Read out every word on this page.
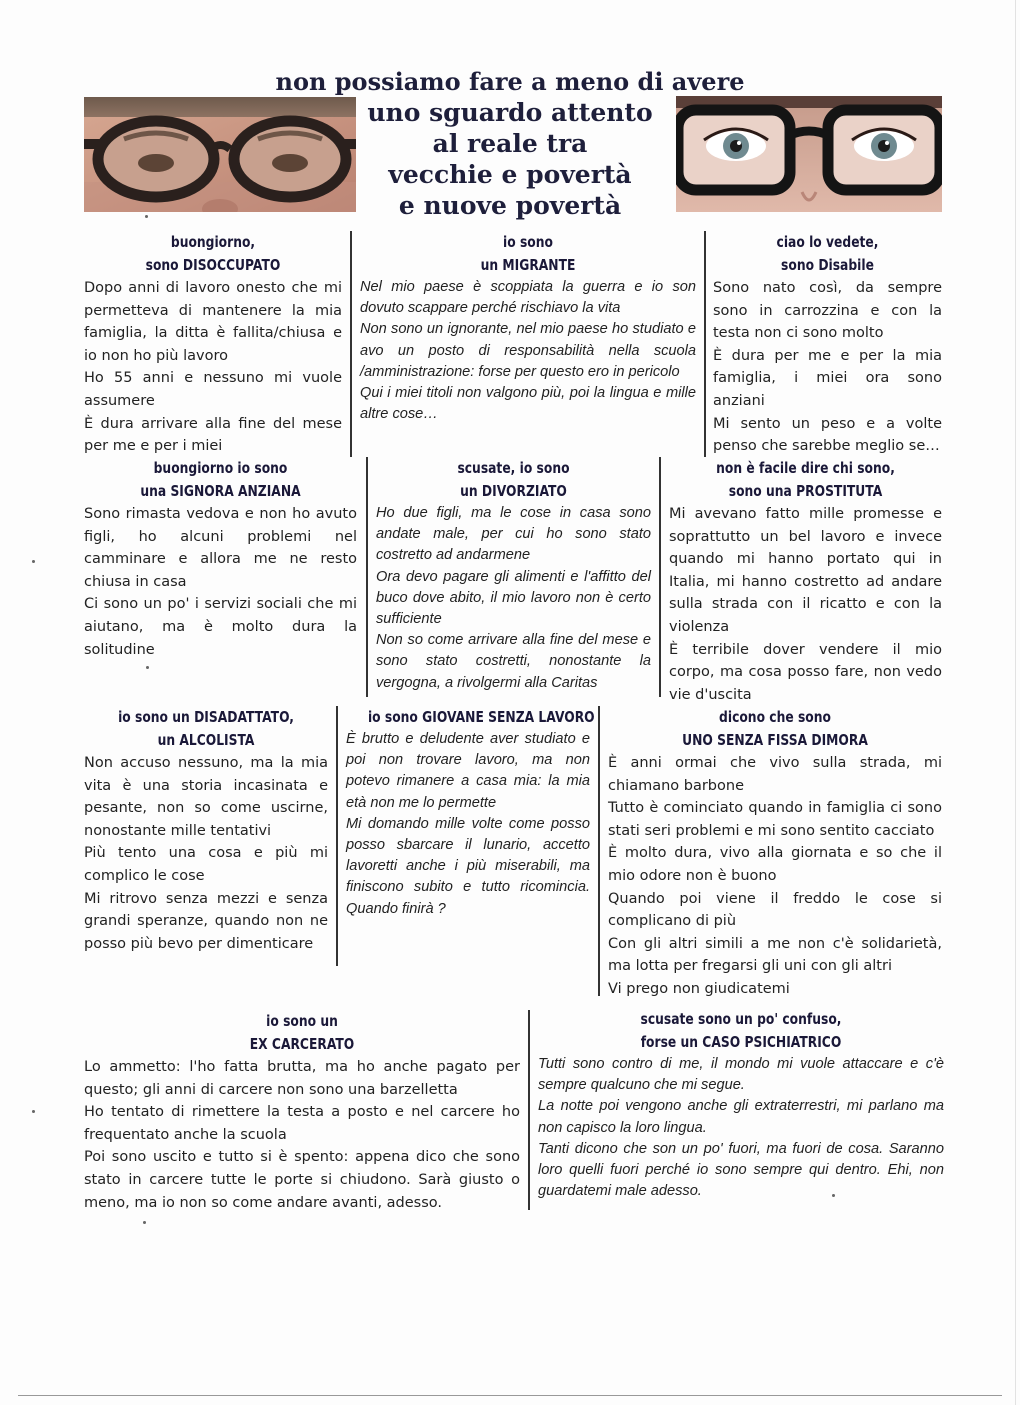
non possiamo fare a meno di avere
uno sguardo attento
al reale tra
vecchie e povertà
e nuove povertà
buongiorno,
sono DISOCCUPATO
Dopo anni di lavoro onesto che mi permetteva di mantenere la mia famiglia, la ditta è fallita/chiusa e io non ho più lavoro
Ho 55 anni e nessuno mi vuole assumere
È dura arrivare alla fine del mese per me e per i miei
io sono
un MIGRANTE
Nel mio paese è scoppiata la guerra e io son dovuto scappare perché rischiavo la vita
Non sono un ignorante, nel mio paese ho studiato e avo un posto di responsabilità nella scuola /amministrazione: forse per questo ero in pericolo
Qui i miei titoli non valgono più, poi la lingua e mille altre cose…
ciao lo vedete,
sono Disabile
Sono nato così, da sempre sono in carrozzina e con la testa non ci sono molto
È dura per me e per la mia famiglia, i miei ora sono anziani
Mi sento un peso e a volte penso che sarebbe meglio se…
buongiorno io sono
una SIGNORA ANZIANA
Sono rimasta vedova e non ho avuto figli, ho alcuni problemi nel camminare e allora me ne resto chiusa in casa
Ci sono un po' i servizi sociali che mi aiutano, ma è molto dura la solitudine
scusate, io sono
un DIVORZIATO
Ho due figli, ma le cose in casa sono andate male, per cui ho sono stato costretto ad andarmene
Ora devo pagare gli alimenti e l'affitto del buco dove abito, il mio lavoro non è certo sufficiente
Non so come arrivare alla fine del mese e sono stato costretti, nonostante la vergogna, a rivolgermi alla Caritas
non è facile dire chi sono,
sono una PROSTITUTA
Mi avevano fatto mille promesse e soprattutto un bel lavoro e invece quando mi hanno portato qui in Italia, mi hanno costretto ad andare sulla strada con il ricatto e con la violenza
È terribile dover vendere il mio corpo, ma cosa posso fare, non vedo vie d'uscita
io sono un DISADATTATO,
un ALCOLISTA
Non accuso nessuno, ma la mia vita è una storia incasinata e pesante, non so come uscirne, nonostante mille tentativi
Più tento una cosa e più mi complico le cose
Mi ritrovo senza mezzi e senza grandi speranze, quando non ne posso più bevo per dimenticare
io sono GIOVANE SENZA LAVORO
È brutto e deludente aver studiato e poi non trovare lavoro, ma non potevo rimanere a casa mia: la mia età non me lo permette
Mi domando mille volte come posso posso sbarcare il lunario, accetto lavoretti anche i più miserabili, ma finiscono subito e tutto ricomincia. Quando finirà ?
dicono che sono
UNO SENZA FISSA DIMORA
È anni ormai che vivo sulla strada, mi chiamano barbone
Tutto è cominciato quando in famiglia ci sono stati seri problemi e mi sono sentito cacciato
È molto dura, vivo alla giornata e so che il mio odore non è buono
Quando poi viene il freddo le cose si complicano di più
Con gli altri simili a me non c'è solidarietà, ma lotta per fregarsi gli uni con gli altri
Vi prego non giudicatemi
io sono un
EX CARCERATO
Lo ammetto: l'ho fatta brutta, ma ho anche pagato per questo; gli anni di carcere non sono una barzelletta
Ho tentato di rimettere la testa a posto e nel carcere ho frequentato anche la scuola
Poi sono uscito e tutto si è spento: appena dico che sono stato in carcere tutte le porte si chiudono. Sarà giusto o meno, ma io non so come andare avanti, adesso.
scusate sono un po' confuso,
forse un CASO PSICHIATRICO
Tutti sono contro di me, il mondo mi vuole attaccare e c'è sempre qualcuno che mi segue.
La notte poi vengono anche gli extraterrestri, mi parlano ma non capisco la loro lingua.
Tanti dicono che son un po' fuori, ma fuori de cosa. Saranno loro quelli fuori perché io sono sempre qui dentro. Ehi, non guardatemi male adesso.
